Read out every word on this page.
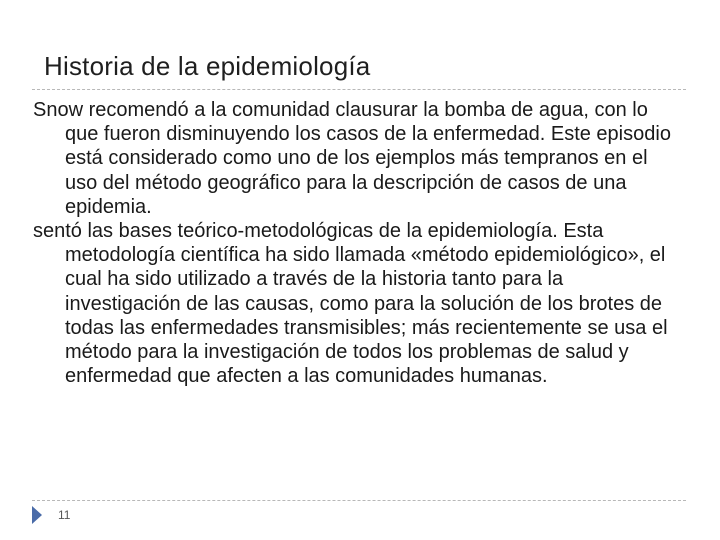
Historia de la epidemiología

Snow recomendó a la comunidad clausurar la bomba de agua, con lo que fueron disminuyendo los casos de la enfermedad. Este episodio está considerado como uno de los ejemplos más tempranos en el uso del método geográfico para la descripción de casos de una epidemia.

sentó las bases teórico-metodológicas de la epidemiología. Esta metodología científica ha sido llamada «método epidemiológico», el cual ha sido utilizado a través de la historia tanto para la investigación de las causas, como para la solución de los brotes de todas las enfermedades transmisibles; más recientemente se usa el método para la investigación de todos los problemas de salud y enfermedad que afecten a las comunidades humanas.

11
